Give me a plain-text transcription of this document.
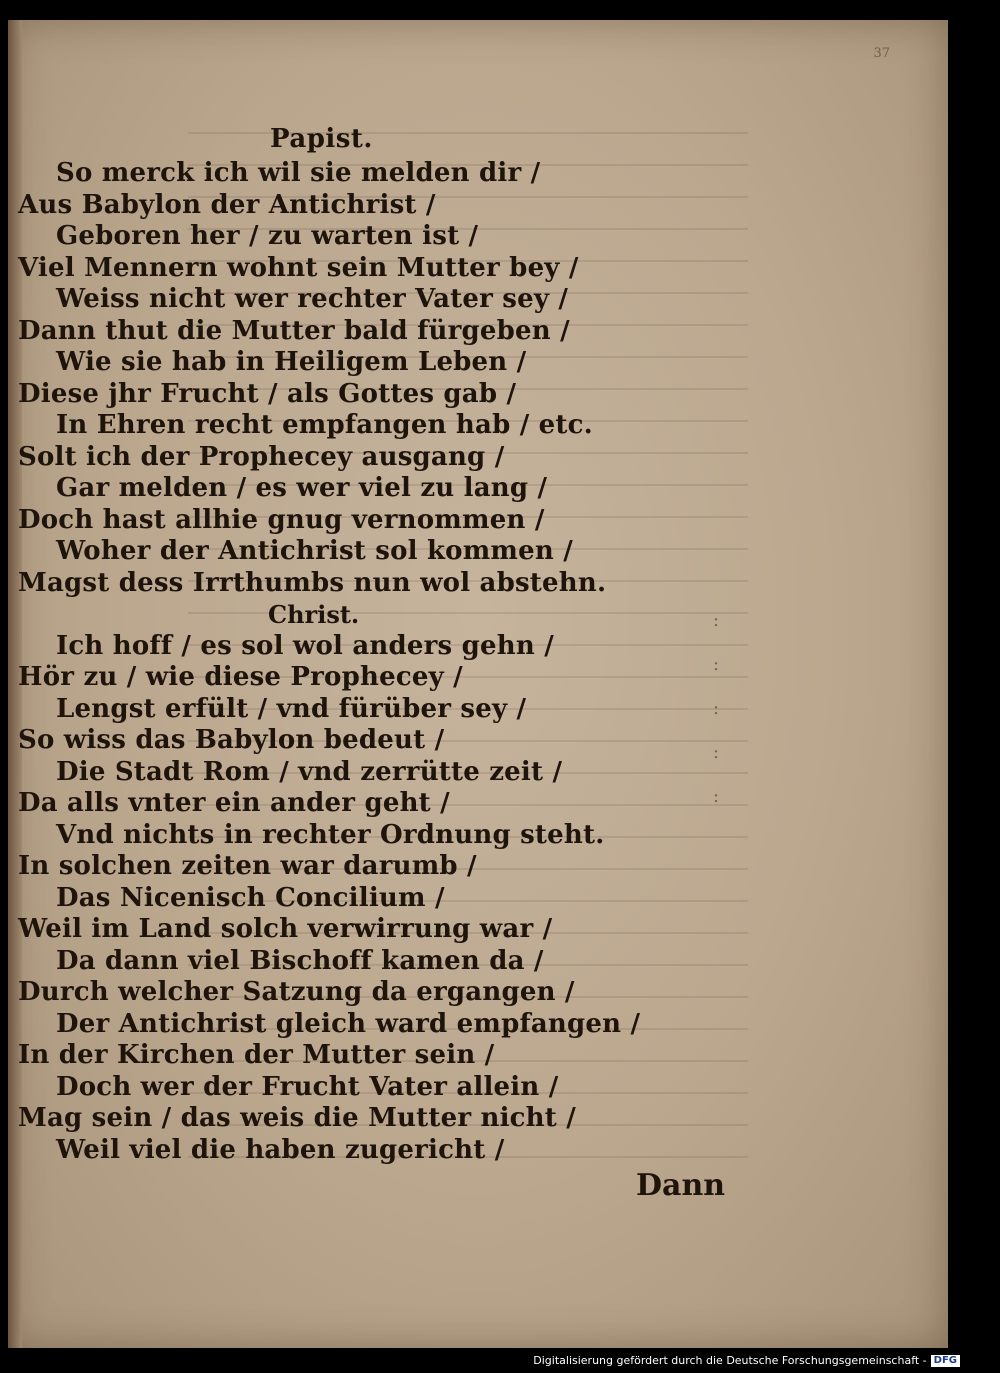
37
Papist.
So merck ich wil sie melden dir /
Aus Babylon der Antichrist /
Geboren her / zu warten ist /
Viel Mennern wohnt sein Mutter bey /
Weiss nicht wer rechter Vater sey /
Dann thut die Mutter bald fürgeben /
Wie sie hab in Heiligem Leben /
Diese jhr Frucht / als Gottes gab /
In Ehren recht empfangen hab / etc.
Solt ich der Prophecey ausgang /
Gar melden / es wer viel zu lang /
Doch hast allhie gnug vernommen /
Woher der Antichrist sol kommen /
Magst dess Irrthumbs nun wol abstehn.
Christ.
Ich hoff / es sol wol anders gehn /
Hör zu / wie diese Prophecey /
Lengst erfült / vnd fürüber sey /
So wiss das Babylon bedeut /
Die Stadt Rom / vnd zerrütte zeit /
Da alls vnter ein ander geht /
Vnd nichts in rechter Ordnung steht.
In solchen zeiten war darumb /
Das Nicenisch Concilium /
Weil im Land solch verwirrung war /
Da dann viel Bischoff kamen da /
Durch welcher Satzung da ergangen /
Der Antichrist gleich ward empfangen /
In der Kirchen der Mutter sein /
Doch wer der Frucht Vater allein /
Mag sein / das weis die Mutter nicht /
Weil viel die haben zugericht /
:
:
:
:
:
Dann
Digitalisierung gefördert durch die Deutsche Forschungsgemeinschaft - DFG
